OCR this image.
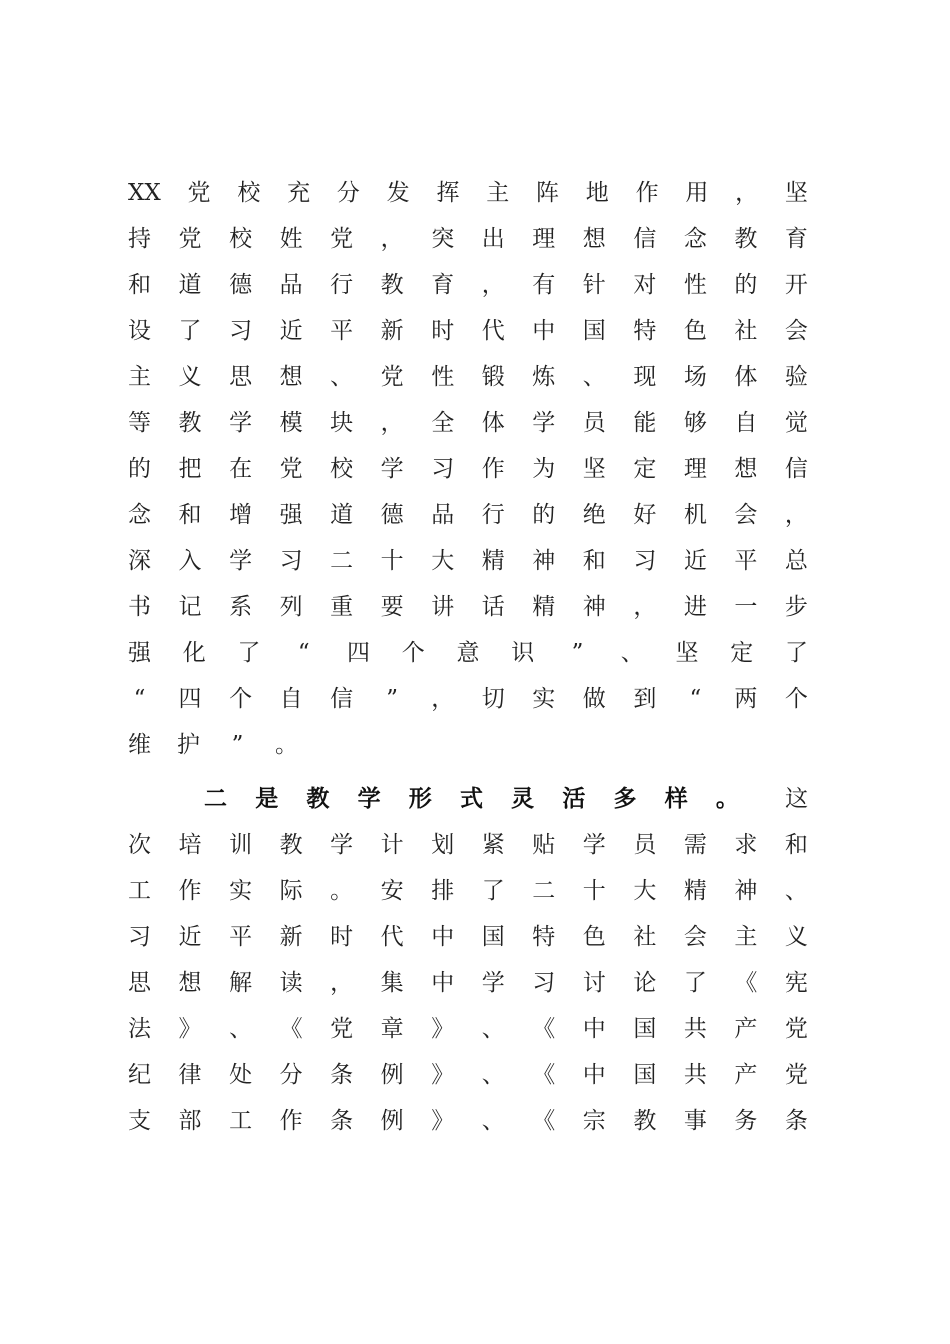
XX 党 校 充 分 发 挥 主 阵 地 作 用 ， 坚
持 党 校 姓 党 ， 突 出 理 想 信 念 教 育
和 道 德 品 行 教 育 ， 有 针 对 性 的 开
设 了 习 近 平 新 时 代 中 国 特 色 社 会
主 义 思 想 、 党 性 锻 炼 、 现 场 体 验
等 教 学 模 块 ， 全 体 学 员 能 够 自 觉
的 把 在 党 校 学 习 作 为 坚 定 理 想 信
念 和 增 强 道 德 品 行 的 绝 好 机 会 ，
深 入 学 习 二 十 大 精 神 和 习 近 平 总
书 记 系 列 重 要 讲 话 精 神 ， 进 一 步
强 化 了 “ 四 个 意 识 ” 、 坚 定 了
“ 四 个 自 信 ” ， 切 实 做 到 “ 两 个
维 护 ” 。
二 是 教 学 形 式 灵 活 多 样 。 这
次 培 训 教 学 计 划 紧 贴 学 员 需 求 和
工 作 实 际 。 安 排 了 二 十 大 精 神 、
习 近 平 新 时 代 中 国 特 色 社 会 主 义
思 想 解 读 ， 集 中 学 习 讨 论 了 《 宪
法 》 、 《 党 章 》 、 《 中 国 共 产 党
纪 律 处 分 条 例 》 、 《 中 国 共 产 党
支 部 工 作 条 例 》 、 《 宗 教 事 务 条
